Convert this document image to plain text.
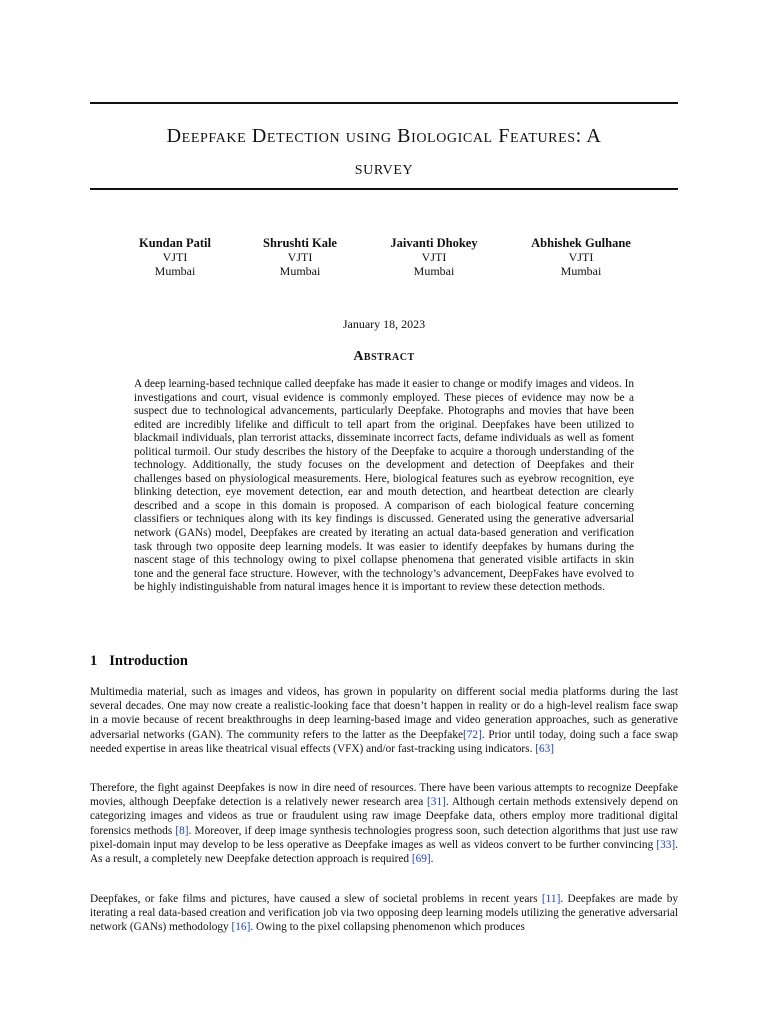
Deepfake Detection using Biological Features: A
survey
Kundan Patil
VJTI
Mumbai
Shrushti Kale
VJTI
Mumbai
Jaivanti Dhokey
VJTI
Mumbai
Abhishek Gulhane
VJTI
Mumbai
January 18, 2023
Abstract

A deep learning-based technique called deepfake has made it easier to change or modify images and videos. In investigations and court, visual evidence is commonly employed. These pieces of evidence may now be a suspect due to technological advancements, particularly Deepfake. Photographs and movies that have been edited are incredibly lifelike and difficult to tell apart from the original. Deepfakes have been utilized to blackmail individuals, plan terrorist attacks, disseminate incorrect facts, defame individuals as well as foment political turmoil. Our study describes the history of the Deepfake to acquire a thorough understanding of the technology. Additionally, the study focuses on the development and detection of Deepfakes and their challenges based on physiological measurements. Here, biological features such as eyebrow recognition, eye blinking detection, eye movement detection, ear and mouth detection, and heartbeat detection are clearly described and a scope in this domain is proposed. A comparison of each biological feature concerning classifiers or techniques along with its key findings is discussed. Generated using the generative adversarial network (GANs) model, Deepfakes are created by iterating an actual data-based generation and verification task through two opposite deep learning models. It was easier to identify deepfakes by humans during the nascent stage of this technology owing to pixel collapse phenomena that generated visible artifacts in skin tone and the general face structure. However, with the technology’s advancement, DeepFakes have evolved to be highly indistinguishable from natural images hence it is important to review these detection methods.

1 Introduction

Multimedia material, such as images and videos, has grown in popularity on different social media platforms during the last several decades. One may now create a realistic-looking face that doesn’t happen in reality or do a high-level realism face swap in a movie because of recent breakthroughs in deep learning-based image and video generation approaches, such as generative adversarial networks (GAN). The community refers to the latter as the Deepfake[ 72 ] . Prior until today, doing such a face swap needed expertise in areas like theatrical visual effects (VFX) and/or fast-tracking using indicators. [ 63 ]

Therefore, the fight against Deepfakes is now in dire need of resources. There have been various attempts to recognize Deepfake movies, although Deepfake detection is a relatively newer research area [ 31 ] . Although certain methods extensively depend on categorizing images and videos as true or fraudulent using raw image Deepfake data, others employ more traditional digital forensics methods [ 8 ] . Moreover, if deep image synthesis technologies progress soon, such detection algorithms that just use raw pixel-domain input may develop to be less operative as Deepfake images as well as videos convert to be further convincing [ 33 ] . As a result, a completely new Deepfake detection approach is required [ 69 ] .

Deepfakes, or fake films and pictures, have caused a slew of societal problems in recent years [ 11 ] . Deepfakes are made by iterating a real data-based creation and verification job via two opposing deep learning models utilizing the generative adversarial network (GANs) methodology [ 16 ] . Owing to the pixel collapsing phenomenon which produces
